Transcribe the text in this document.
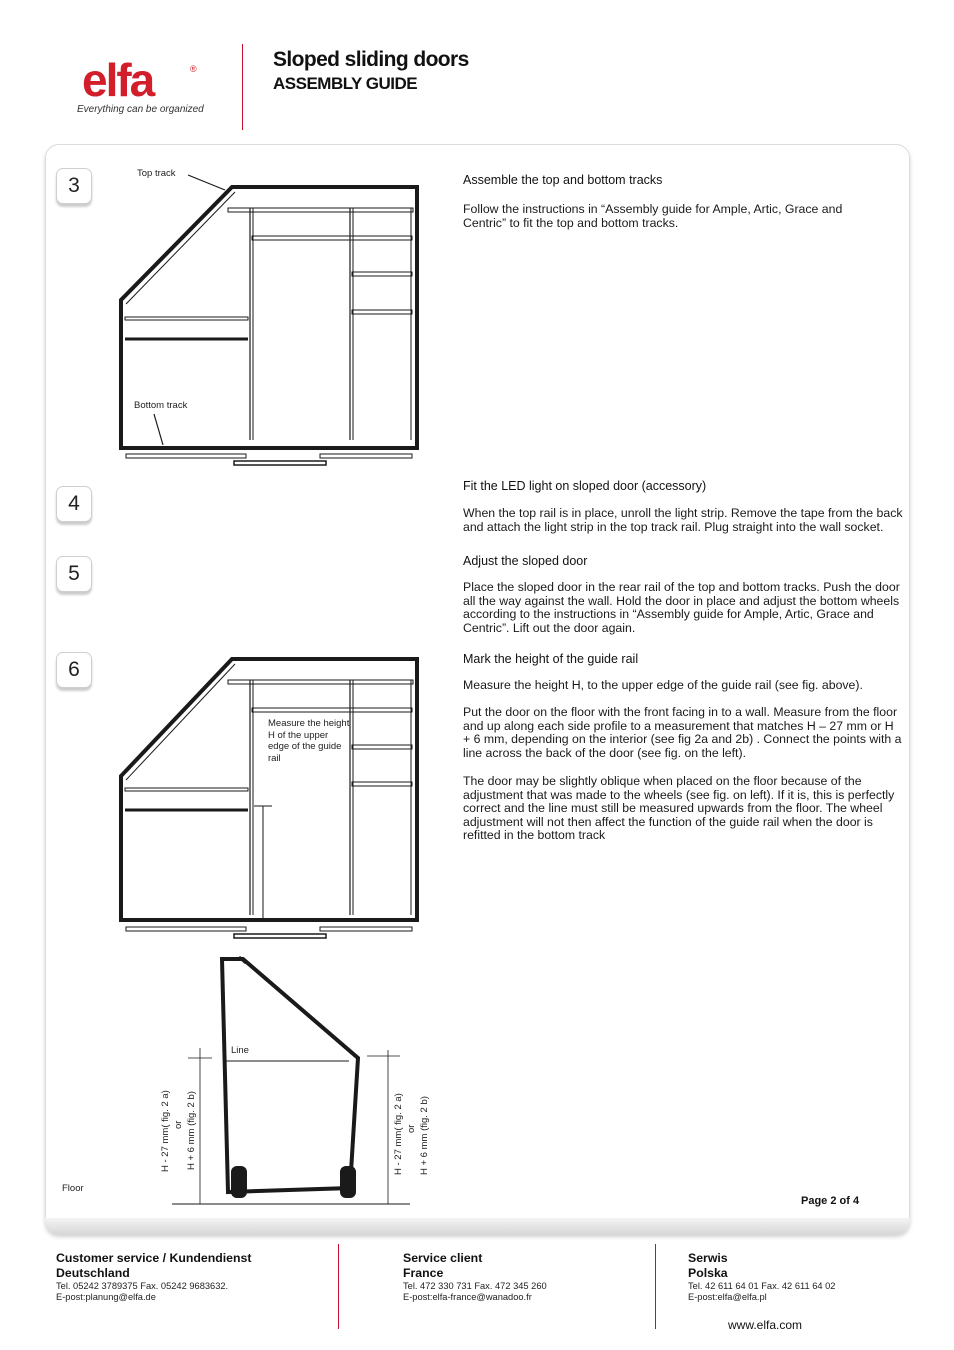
elfa	®
Everything can be organized
Sloped sliding doors
ASSEMBLY GUIDE
3
4
5
6
Assemble the top and bottom tracks
Follow the instructions in “Assembly guide for Ample, Artic, Grace and Centric” to fit the top and bottom tracks.
Fit the LED light on sloped door (accessory)
When the top rail is in place, unroll the light strip. Remove the tape from the back and attach the light strip in the top track rail. Plug straight into the wall socket.
Adjust the sloped door
Place the sloped door in the rear rail of the top and bottom tracks. Push the door all the way against the wall. Hold the door in place and adjust the bottom wheels according to the instructions in “Assembly guide for Ample, Artic, Grace and Centric”. Lift out the door again.
Mark the height of the guide rail
Measure the height H, to the upper edge of the guide rail (see fig. above).
Put the door on the floor with the front facing in to a wall. Measure from the floor and up along each side profile to a measurement that matches H – 27 mm or H + 6 mm, depending on the interior (see fig 2a and 2b) . Connect the points with a line across the back of the door (see fig. on the left).
The door may be slightly oblique when placed on the floor because of the adjustment that was made to the wheels (see fig. on left). If it is, this is perfectly correct and the line must still be measured upwards from the floor. The wheel adjustment will not then affect the function of the guide rail when the door is refitted in the bottom track
Top track
Bottom track
Measure the height H of the upper edge of the guide rail
Line
Floor
H - 27 mm( fig. 2 a) or H + 6 mm (fig. 2 b)	H - 27 mm( fig. 2 a) or H + 6 mm (fig. 2 b)
Page 2 of 4
Customer service / Kundendienst
Deutschland
Tel. 05242 3789375 Fax. 05242 9683632.
E-post:planung@elfa.de
Service client
France
Tel. 472 330 731 Fax. 472 345 260
E-post:elfa-france@wanadoo.fr
Serwis
Polska
Tel. 42 611 64 01 Fax. 42 611 64 02
E-post:elfa@elfa.pl
www.elfa.com
